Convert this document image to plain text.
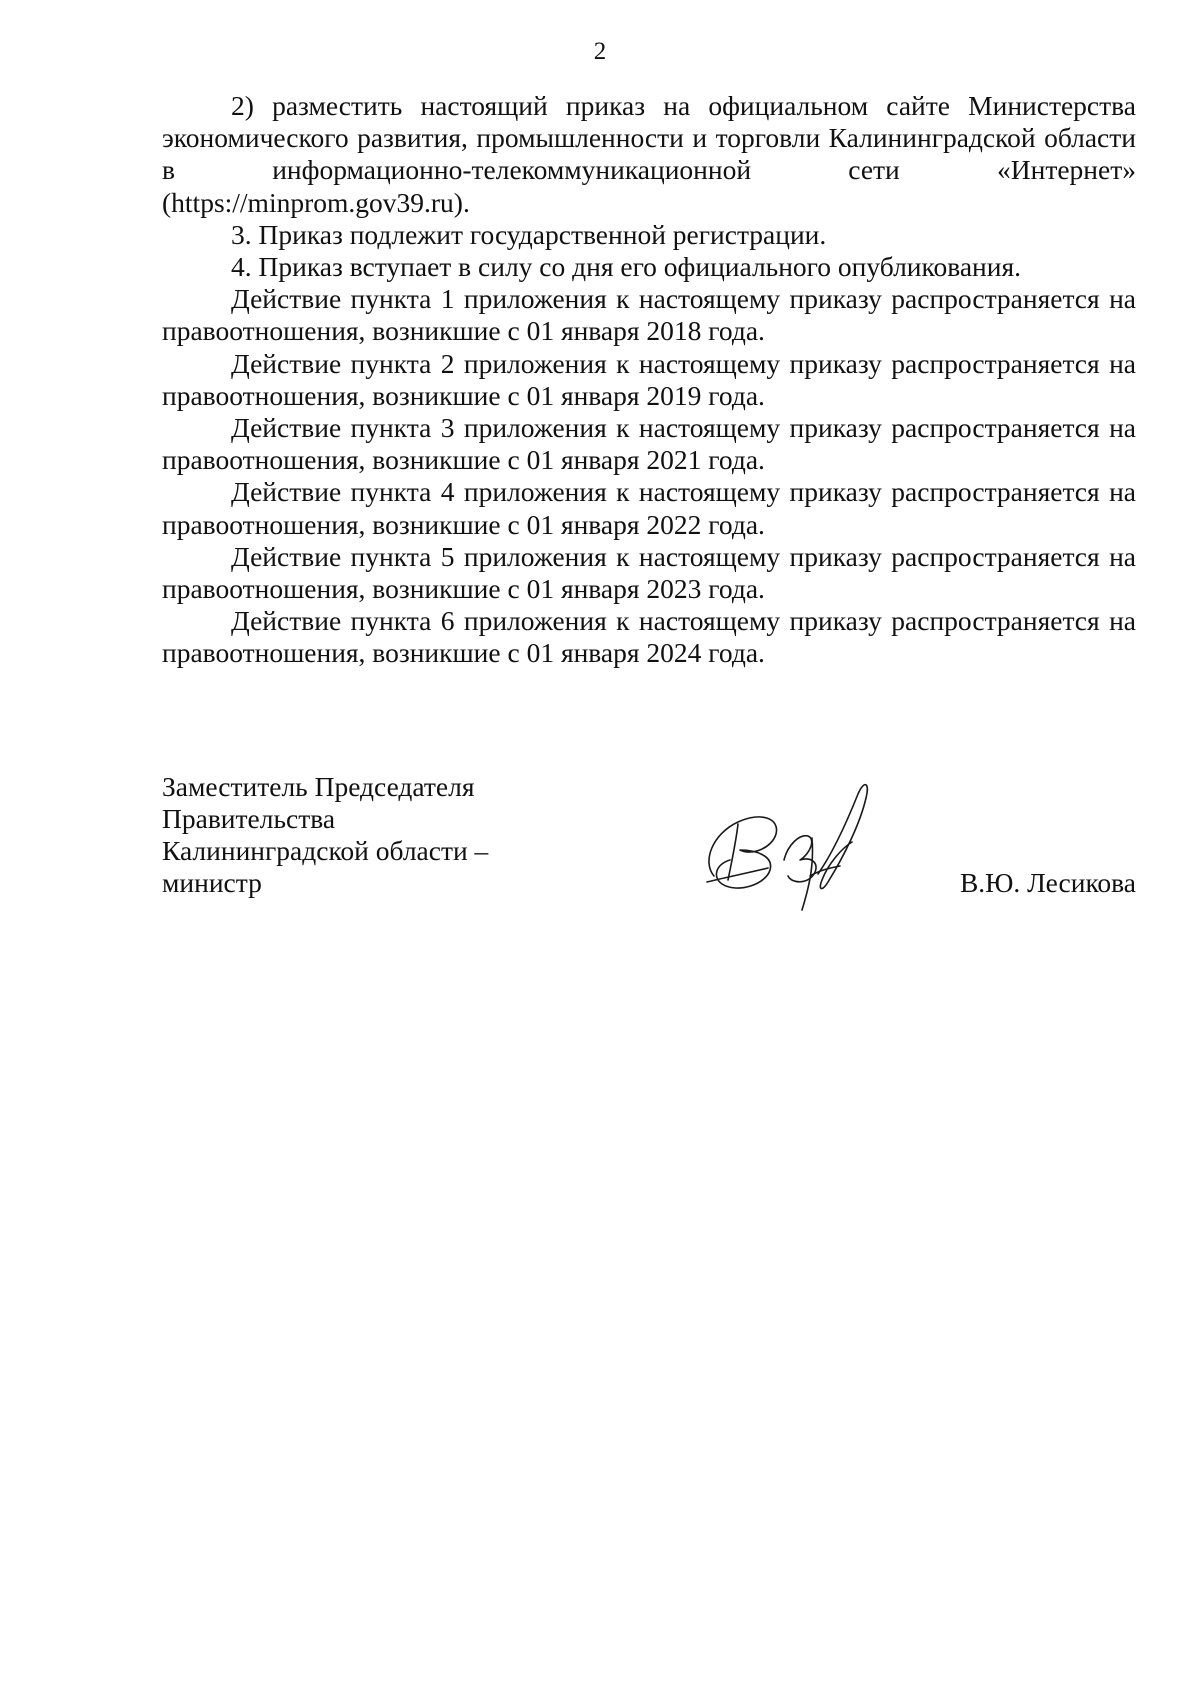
2

2) разместить настоящий приказ на официальном сайте Министерства экономического развития, промышленности и торговли Калининградской области в информационно-телекоммуникационной сети «Интернет» (https://minprom.gov39.ru).

3. Приказ подлежит государственной регистрации.

4. Приказ вступает в силу со дня его официального опубликования.

Действие пункта 1 приложения к настоящему приказу распространяется на правоотношения, возникшие с 01 января 2018 года.

Действие пункта 2 приложения к настоящему приказу распространяется на правоотношения, возникшие с 01 января 2019 года.

Действие пункта 3 приложения к настоящему приказу распространяется на правоотношения, возникшие с 01 января 2021 года.

Действие пункта 4 приложения к настоящему приказу распространяется на правоотношения, возникшие с 01 января 2022 года.

Действие пункта 5 приложения к настоящему приказу распространяется на правоотношения, возникшие с 01 января 2023 года.

Действие пункта 6 приложения к настоящему приказу распространяется на правоотношения, возникшие с 01 января 2024 года.

Заместитель Председателя
Правительства
Калининградской области –
министр	В.Ю. Лесикова
